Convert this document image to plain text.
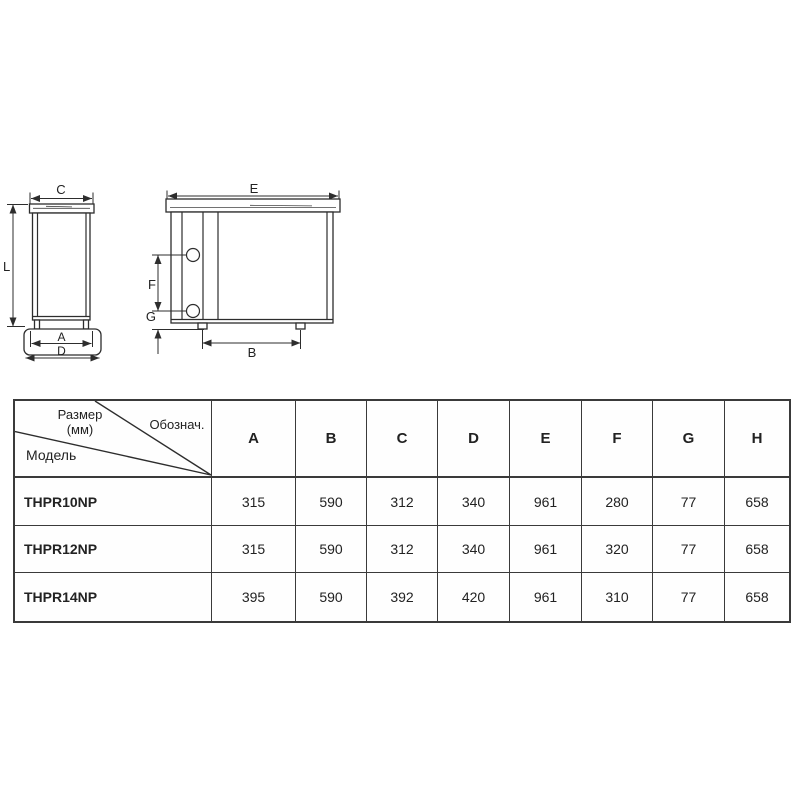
C
L
A
D
E
F
G
B
Размер
(мм)	Обознач.
Модель
A	B	C	D	E	F	G	H
THPR10NP	315	590	312	340	961	280	77	658
THPR12NP	315	590	312	340	961	320	77	658
THPR14NP	395	590	392	420	961	310	77	658
